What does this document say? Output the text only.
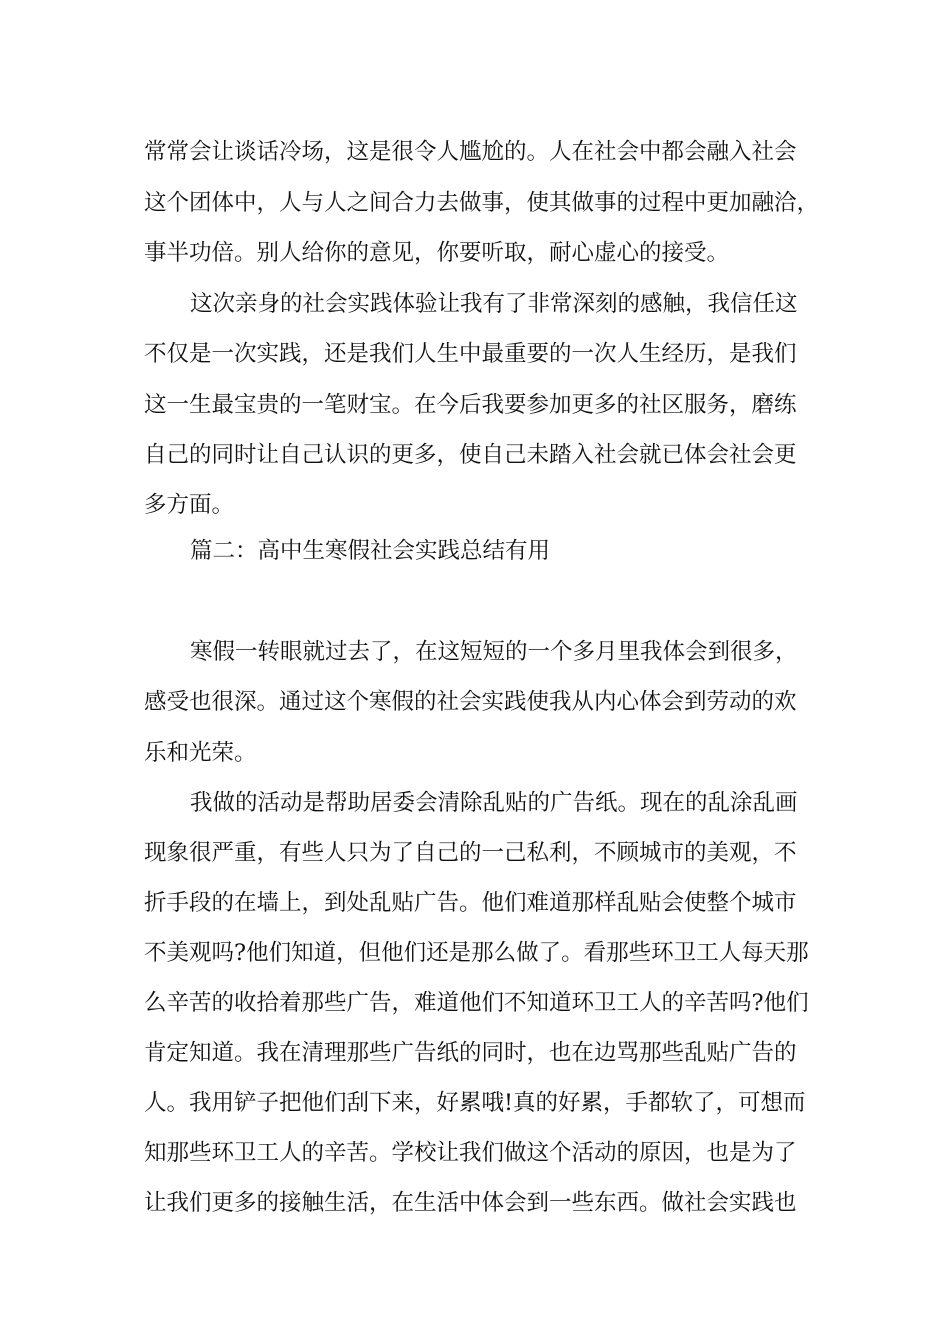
常常会让谈话冷场，这是很令人尴尬的。人在社会中都会融入社会
这个团体中，人与人之间合力去做事，使其做事的过程中更加融洽，
事半功倍。别人给你的意见，你要听取，耐心虚心的接受。
这次亲身的社会实践体验让我有了非常深刻的感触，我信任这
不仅是一次实践，还是我们人生中最重要的一次人生经历，是我们
这一生最宝贵的一笔财宝。在今后我要参加更多的社区服务，磨练
自己的同时让自己认识的更多，使自己未踏入社会就已体会社会更
多方面。
篇二：高中生寒假社会实践总结有用
寒假一转眼就过去了，在这短短的一个多月里我体会到很多，
感受也很深。通过这个寒假的社会实践使我从内心体会到劳动的欢
乐和光荣。
我做的活动是帮助居委会清除乱贴的广告纸。现在的乱涂乱画
现象很严重，有些人只为了自己的一己私利，不顾城市的美观，不
折手段的在墙上，到处乱贴广告。他们难道那样乱贴会使整个城市
不美观吗?他们知道，但他们还是那么做了。看那些环卫工人每天那
么辛苦的收拾着那些广告，难道他们不知道环卫工人的辛苦吗?他们
肯定知道。我在清理那些广告纸的同时，也在边骂那些乱贴广告的
人。我用铲子把他们刮下来，好累哦!真的好累，手都软了，可想而
知那些环卫工人的辛苦。学校让我们做这个活动的原因，也是为了
让我们更多的接触生活，在生活中体会到一些东西。做社会实践也
